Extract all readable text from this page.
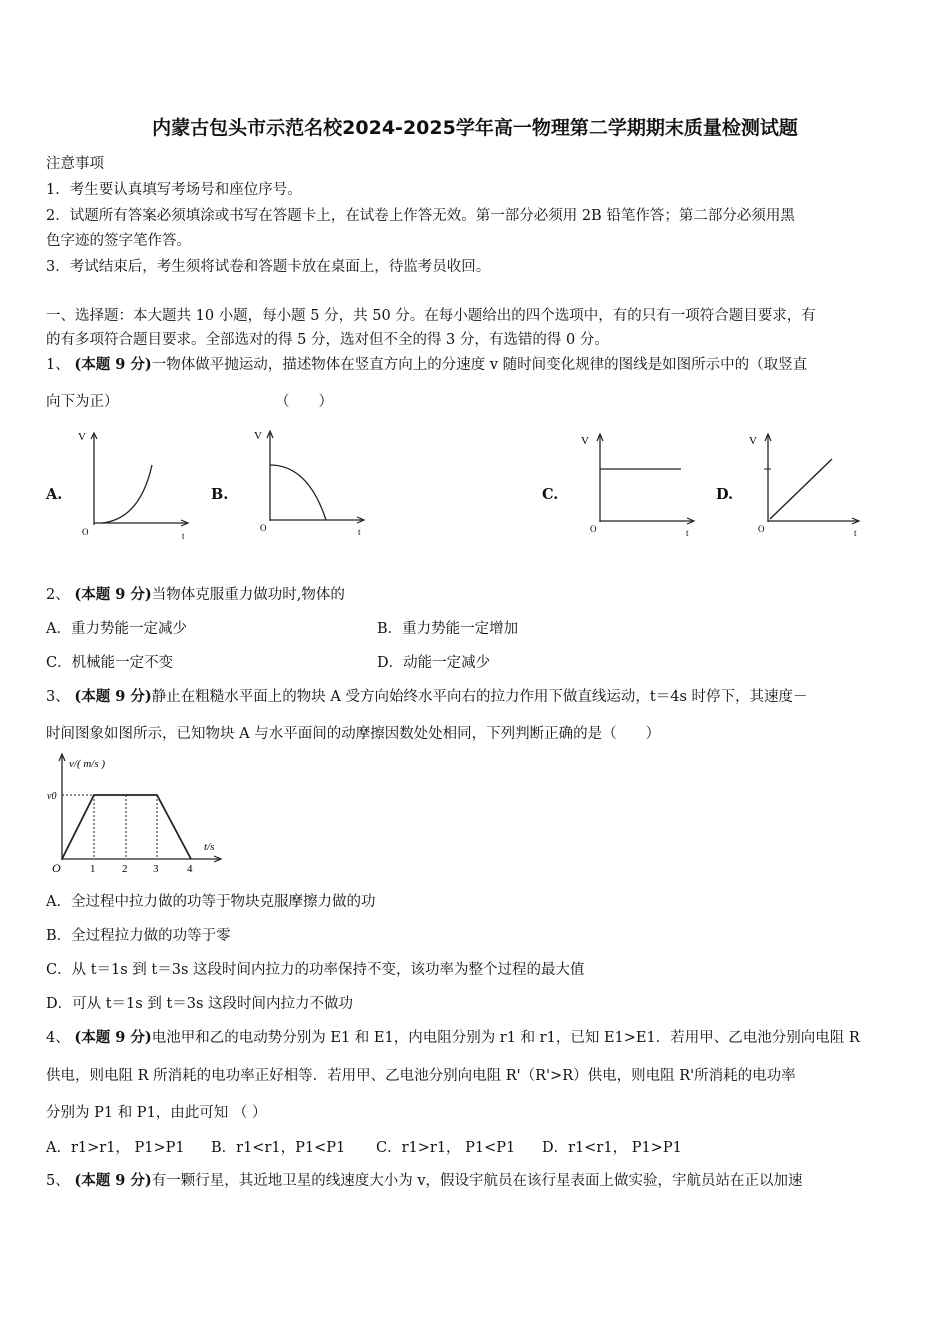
内蒙古包头市示范名校2024-2025学年高一物理第二学期期末质量检测试题
注意事项
1．考生要认真填写考场号和座位序号。
2．试题所有答案必须填涂或书写在答题卡上，在试卷上作答无效。第一部分必须用 2B 铅笔作答；第二部分必须用黑
色字迹的签字笔作答。
3．考试结束后，考生须将试卷和答题卡放在桌面上，待监考员收回。
一、选择题：本大题共 10 小题，每小题 5 分，共 50 分。在每小题给出的四个选项中，有的只有一项符合题目要求，有
的有多项符合题目要求。全部选对的得 5 分，选对但不全的得 3 分，有选错的得 0 分。
1、 (本题 9 分)一物体做平抛运动，描述物体在竖直方向上的分速度 v 随时间变化规律的图线是如图所示中的（取竖直
向下为正）	（　　）
A.	B.	C.	D.
V
O	t
V
O	t
V
O	t
V
O	t
2、 (本题 9 分)当物体克服重力做功时,物体的
A．重力势能一定减少	B．重力势能一定增加
C．机械能一定不变	D．动能一定减少
3、 (本题 9 分)静止在粗糙水平面上的物块 A 受方向始终水平向右的拉力作用下做直线运动，t＝4s 时停下，其速度－
时间图象如图所示，已知物块 A 与水平面间的动摩擦因数处处相同，下列判断正确的是（　　）
v/( m/s )
v0
O	1 2 3	4
t/s
A．全过程中拉力做的功等于物块克服摩擦力做的功
B．全过程拉力做的功等于零
C．从 t＝1s 到 t＝3s 这段时间内拉力的功率保持不变，该功率为整个过程的最大值
D．可从 t＝1s 到 t＝3s 这段时间内拉力不做功
4、 (本题 9 分)电池甲和乙的电动势分别为 E1 和 E1，内电阻分别为 r1 和 r1，已知 E1>E1．若用甲、乙电池分别向电阻 R
供电，则电阻 R 所消耗的电功率正好相等．若用甲、乙电池分别向电阻 R'（R'>R）供电，则电阻 R'所消耗的电功率
分别为 P1 和 P1，由此可知 （ ）
A．r1>r1， P1>P1 B．r1<r1，P1<P1 C．r1>r1， P1<P1 D．r1<r1， P1>P1
5、 (本题 9 分)有一颗行星，其近地卫星的线速度大小为 v，假设宇航员在该行星表面上做实验，宇航员站在正以加速
